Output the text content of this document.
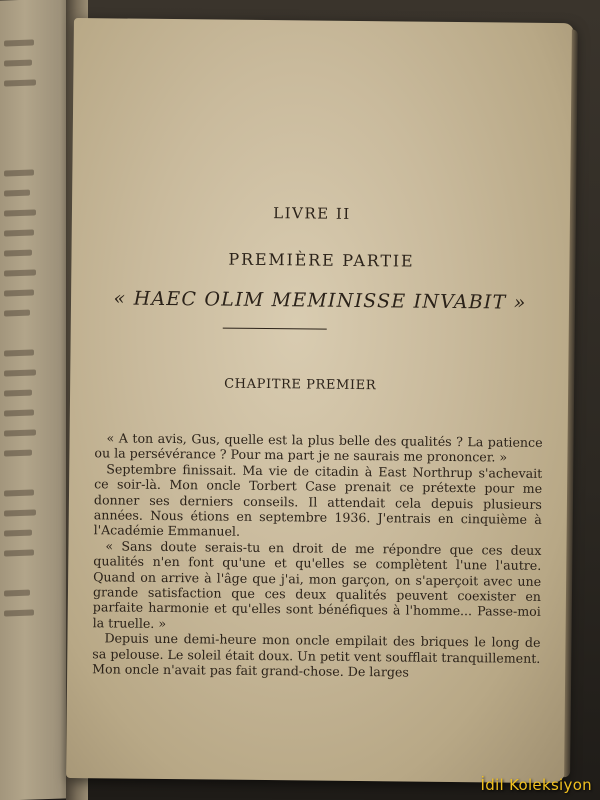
LIVRE II
PREMIÈRE PARTIE
« HAEC OLIM MEMINISSE INVABIT »
CHAPITRE PREMIER

« A ton avis, Gus, quelle est la plus belle des qualités ? La patience ou la persévérance ? Pour ma part je ne saurais me prononcer. »

Septembre finissait. Ma vie de citadin à East Northrup s'achevait ce soir-là. Mon oncle Torbert Case prenait ce prétexte pour me donner ses derniers conseils. Il attendait cela depuis plusieurs années. Nous étions en septembre 1936. J'entrais en cinquième à l'Académie Emmanuel.

« Sans doute serais-tu en droit de me répondre que ces deux qualités n'en font qu'une et qu'elles se complètent l'une l'autre. Quand on arrive à l'âge que j'ai, mon garçon, on s'aperçoit avec une grande satisfaction que ces deux qualités peuvent coexister en parfaite harmonie et qu'elles sont bénéfiques à l'homme... Passe-moi la truelle. »

Depuis une demi-heure mon oncle empilait des briques le long de sa pelouse. Le soleil était doux. Un petit vent soufflait tranquillement. Mon oncle n'avait pas fait grand-chose. De larges

İdil Koleksiyon
